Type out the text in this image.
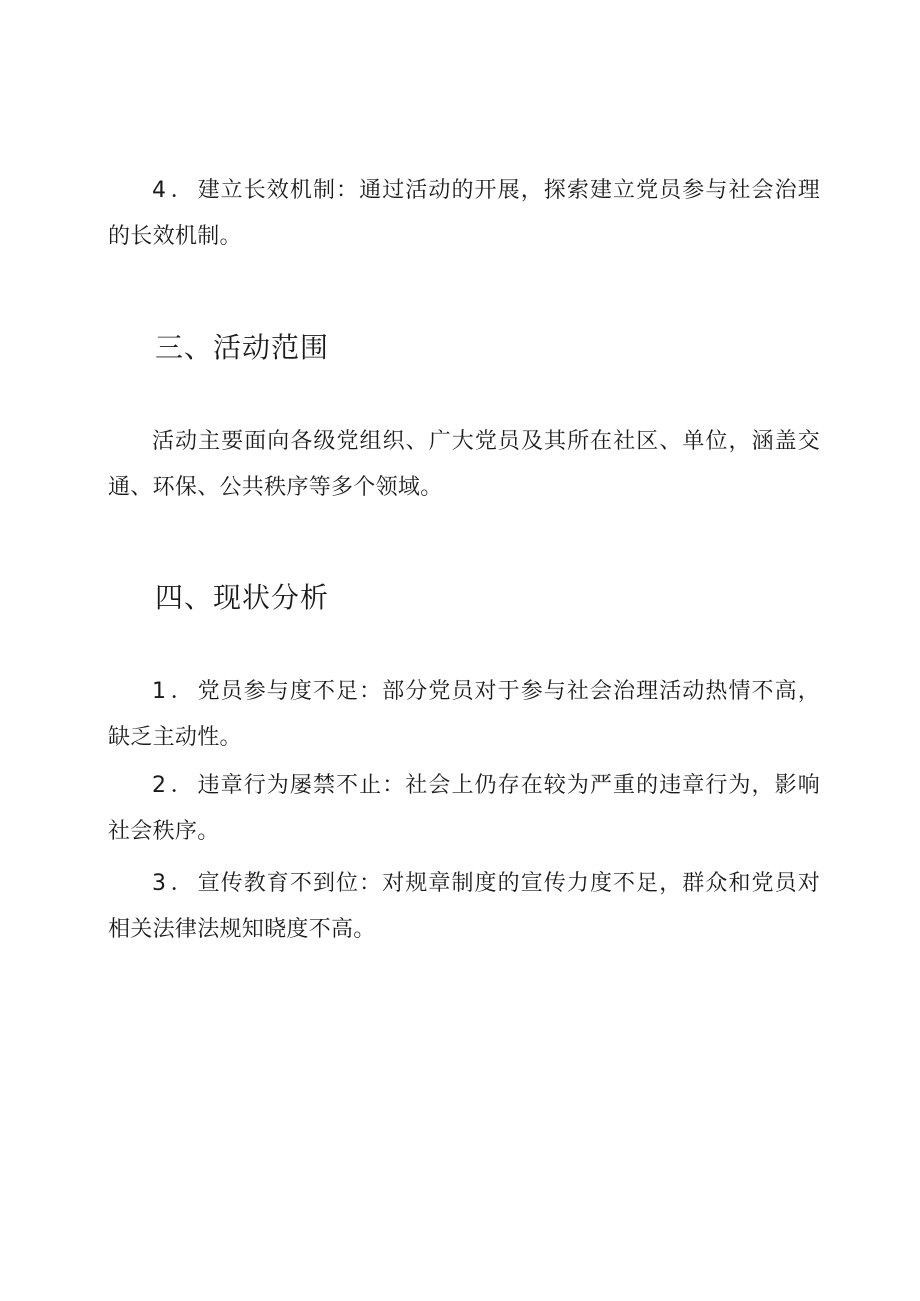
4．建立长效机制：通过活动的开展，探索建立党员参与社会治理的长效机制。

三、活动范围

活动主要面向各级党组织、广大党员及其所在社区、单位，涵盖交通、环保、公共秩序等多个领域。

四、现状分析

1．党员参与度不足：部分党员对于参与社会治理活动热情不高，缺乏主动性。

2．违章行为屡禁不止：社会上仍存在较为严重的违章行为，影响社会秩序。

3．宣传教育不到位：对规章制度的宣传力度不足，群众和党员对相关法律法规知晓度不高。
